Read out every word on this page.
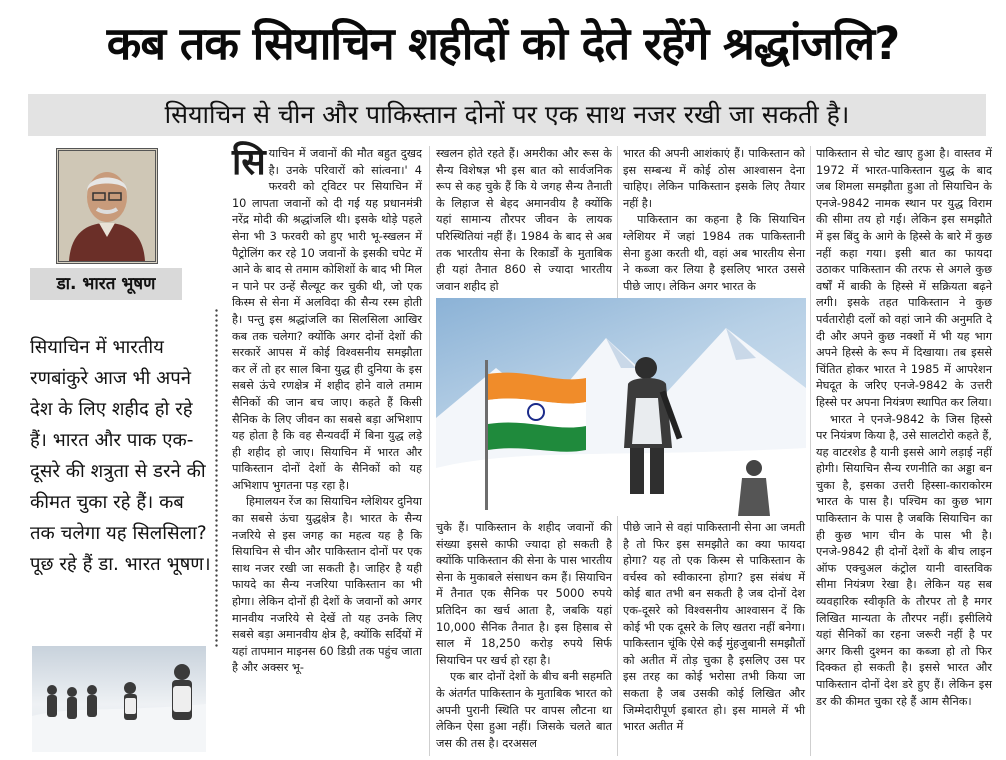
कब तक सियाचिन शहीदों को देते रहेंगे श्रद्धांजलि?
सियाचिन से चीन और पाकिस्तान दोनों पर एक साथ नजर रखी जा सकती है।
डा. भारत भूषण
सियाचिन में भारतीय रणबांकुरे आज भी अपने देश के लिए शहीद हो रहे हैं। भारत और पाक एक-दूसरे की शत्रुता से डरने की कीमत चुका रहे हैं। कब तक चलेगा यह सिलसिला? पूछ रहे हैं डा. भारत भूषण।

सियाचिन में जवानों की मौत बहुत दुखद है। उनके परिवारों को सांत्वना।' 4 फरवरी को ट्विटर पर सियाचिन में 10 लापता जवानों को दी गई यह प्रधानमंत्री नरेंद्र मोदी की श्रद्धांजलि थी। इसके थोड़े पहले सेना भी 3 फरवरी को हुए भारी भू-स्खलन में पैट्रोलिंग कर रहे 10 जवानों के इसकी चपेट में आने के बाद से तमाम कोशिशों के बाद भी मिल न पाने पर उन्हें सैल्यूट कर चुकी थी, जो एक किस्म से सेना में अलविदा की सैन्य रस्म होती है। पन्तु इस श्रद्धांजलि का सिलसिला आखिर कब तक चलेगा? क्योंकि अगर दोनों देशों की सरकारें आपस में कोई विश्वसनीय समझौता कर लें तो हर साल बिना युद्ध ही दुनिया के इस सबसे ऊंचे रणक्षेत्र में शहीद होने वाले तमाम सैनिकों की जान बच जाए। कहते हैं किसी सैनिक के लिए जीवन का सबसे बड़ा अभिशाप यह होता है कि वह सैन्यवर्दी में बिना युद्ध लड़े ही शहीद हो जाए। सियाचिन में भारत और पाकिस्तान दोनों देशों के सैनिकों को यह अभिशाप भुगतना पड़ रहा है।

हिमालयन रेंज का सियाचिन ग्लेशियर दुनिया का सबसे ऊंचा युद्धक्षेत्र है। भारत के सैन्य नजरिये से इस जगह का महत्व यह है कि सियाचिन से चीन और पाकिस्तान दोनों पर एक साथ नजर रखी जा सकती है। जाहिर है यही फायदे का सैन्य नजरिया पाकिस्तान का भी होगा। लेकिन दोनों ही देशों के जवानों को अगर मानवीय नजरिये से देखें तो यह उनके लिए सबसे बड़ा अमानवीय क्षेत्र है, क्योंकि सर्दियों में यहां तापमान माइनस 60 डिग्री तक पहुंच जाता है और अक्सर भू-

स्खलन होते रहते हैं। अमरीका और रूस के सैन्य विशेषज्ञ भी इस बात को सार्वजनिक रूप से कह चुके हैं कि ये जगह सैन्य तैनाती के लिहाज से बेहद अमानवीय है क्योंकि यहां सामान्य तौरपर जीवन के लायक परिस्थितियां नहीं हैं। 1984 के बाद से अब तक भारतीय सेना के रिकार्डों के मुताबिक ही यहां तैनात 860 से ज्यादा भारतीय जवान शहीद हो

भारत की अपनी आशंकाएं हैं। पाकिस्तान को इस सम्बन्ध में कोई ठोस आश्वासन देना चाहिए। लेकिन पाकिस्तान इसके लिए तैयार नहीं है।

पाकिस्तान का कहना है कि सियाचिन ग्लेशियर में जहां 1984 तक पाकिस्तानी सेना हुआ करती थी, वहां अब भारतीय सेना ने कब्जा कर लिया है इसलिए भारत उससे पीछे जाए। लेकिन अगर भारत के

चुके हैं। पाकिस्तान के शहीद जवानों की संख्या इससे काफी ज्यादा हो सकती है क्योंकि पाकिस्तान की सेना के पास भारतीय सेना के मुकाबले संसाधन कम हैं। सियाचिन में तैनात एक सैनिक पर 5000 रुपये प्रतिदिन का खर्च आता है, जबकि यहां 10,000 सैनिक तैनात है। इस हिसाब से साल में 18,250 करोड़ रुपये सिर्फ सियाचिन पर खर्च हो रहा है।

एक बार दोनों देशों के बीच बनी सहमति के अंतर्गत पाकिस्तान के मुताबिक भारत को अपनी पुरानी स्थिति पर वापस लौटना था लेकिन ऐसा हुआ नहीं। जिसके चलते बात जस की तस है। दरअसल

पीछे जाने से वहां पाकिस्तानी सेना आ जमती है तो फिर इस समझौते का क्या फायदा होगा? यह तो एक किस्म से पाकिस्तान के वर्चस्व को स्वीकारना होगा? इस संबंध में कोई बात तभी बन सकती है जब दोनों देश एक-दूसरे को विश्वसनीय आश्वासन दें कि कोई भी एक दूसरे के लिए खतरा नहीं बनेगा। पाकिस्तान चूंकि ऐसे कई मुंहजुबानी समझौतों को अतीत में तोड़ चुका है इसलिए उस पर इस तरह का कोई भरोसा तभी किया जा सकता है जब उसकी कोई लिखित और जिम्मेदारीपूर्ण इबारत हो। इस मामले में भी भारत अतीत में

पाकिस्तान से चोट खाए हुआ है। वास्तव में 1972 में भारत-पाकिस्तान युद्ध के बाद जब शिमला समझौता हुआ तो सियाचिन के एनजे-9842 नामक स्थान पर युद्ध विराम की सीमा तय हो गई। लेकिन इस समझौते में इस बिंदु के आगे के हिस्से के बारे में कुछ नहीं कहा गया। इसी बात का फायदा उठाकर पाकिस्तान की तरफ से अगले कुछ वर्षों में बाकी के हिस्से में सक्रियता बढ़ने लगी। इसके तहत पाकिस्तान ने कुछ पर्वतारोही दलों को वहां जाने की अनुमति दे दी और अपने कुछ नक्शों में भी यह भाग अपने हिस्से के रूप में दिखाया। तब इससे चिंतित होकर भारत ने 1985 में आपरेशन मेघदूत के जरिए एनजे-9842 के उत्तरी हिस्से पर अपना नियंत्रण स्थापित कर लिया।

भारत ने एनजे-9842 के जिस हिस्से पर नियंत्रण किया है, उसे सालटोरो कहते हैं, यह वाटरशेड है यानी इससे आगे लड़ाई नहीं होगी। सियाचिन सैन्य रणनीति का अड्डा बन चुका है, इसका उत्तरी हिस्सा-काराकोरम भारत के पास है। पश्चिम का कुछ भाग पाकिस्तान के पास है जबकि सियाचिन का ही कुछ भाग चीन के पास भी है। एनजे-9842 ही दोनों देशों के बीच लाइन ऑफ एक्चुअल कंट्रोल यानी वास्तविक सीमा नियंत्रण रेखा है। लेकिन यह सब व्यवहारिक स्वीकृति के तौरपर तो है मगर लिखित मान्यता के तौरपर नहीं। इसीलिये यहां सैनिकों का रहना जरूरी नहीं है पर अगर किसी दुश्मन का कब्जा हो तो फिर दिक्कत हो सकती है। इससे भारत और पाकिस्तान दोनों देश डरे हुए हैं। लेकिन इस डर की कीमत चुका रहे हैं आम सैनिक।
